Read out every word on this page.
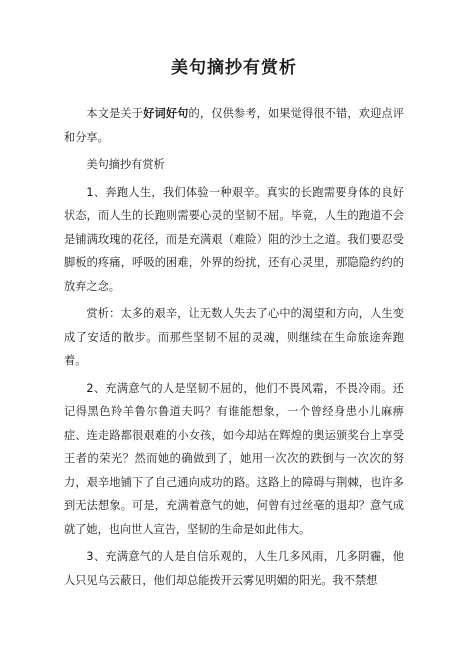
美句摘抄有赏析

本文是关于好词好句的，仅供参考，如果觉得很不错，欢迎点评和分享。

美句摘抄有赏析

1、奔跑人生，我们体验一种艰辛。真实的长跑需要身体的良好状态，而人生的长跑则需要心灵的坚韧不屈。毕竟，人生的跑道不会是铺满玫瑰的花径，而是充满艰（难险）阻的沙土之道。我们要忍受脚板的疼痛，呼吸的困难，外界的纷扰，还有心灵里，那隐隐约约的放弃之念。

赏析：太多的艰辛，让无数人失去了心中的渴望和方向，人生变成了安适的散步。而那些坚韧不屈的灵魂，则继续在生命旅途奔跑着。

2、充满意气的人是坚韧不屈的，他们不畏风霜，不畏冷雨。还记得黑色羚羊鲁尔鲁道夫吗？有谁能想象，一个曾经身患小儿麻痹症、连走路都很艰难的小女孩，如今却站在辉煌的奥运颁奖台上享受王者的荣光？然而她的确做到了，她用一次次的跌倒与一次次的努力，艰辛地铺下了自己通向成功的路。这路上的障碍与荆棘，也许多到无法想象。可是，充满着意气的她，何曾有过丝毫的退却？意气成就了她，也向世人宣告，坚韧的生命是如此伟大。

3、充满意气的人是自信乐观的，人生几多风雨，几多阴霾，他人只见乌云蔽日，他们却总能拨开云雾见明媚的阳光。我不禁想
